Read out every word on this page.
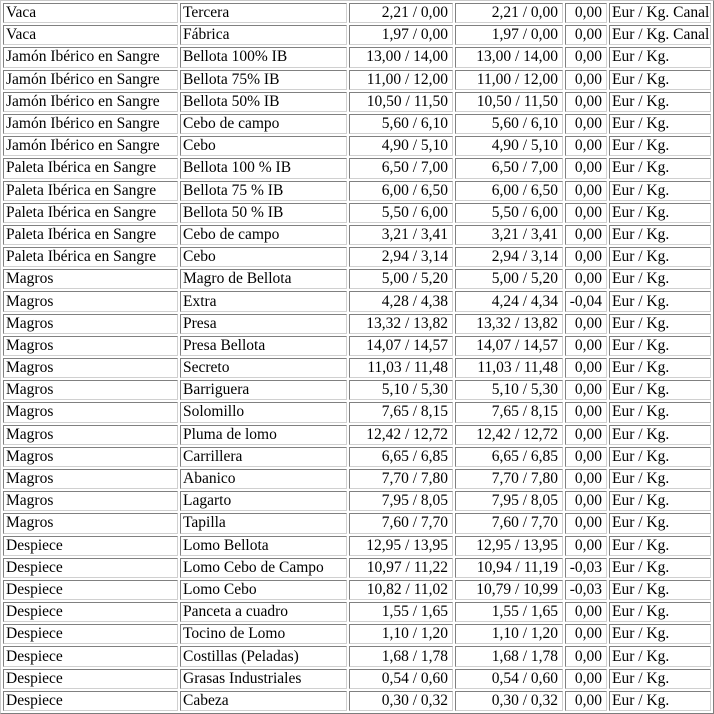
Vaca	Tercera	2,21 / 0,00	2,21 / 0,00	0,00	Eur / Kg. Canal
Vaca	Fábrica	1,97 / 0,00	1,97 / 0,00	0,00	Eur / Kg. Canal
Jamón Ibérico en Sangre	Bellota 100% IB	13,00 / 14,00	13,00 / 14,00	0,00	Eur / Kg.
Jamón Ibérico en Sangre	Bellota 75% IB	11,00 / 12,00	11,00 / 12,00	0,00	Eur / Kg.
Jamón Ibérico en Sangre	Bellota 50% IB	10,50 / 11,50	10,50 / 11,50	0,00	Eur / Kg.
Jamón Ibérico en Sangre	Cebo de campo	5,60 / 6,10	5,60 / 6,10	0,00	Eur / Kg.
Jamón Ibérico en Sangre	Cebo	4,90 / 5,10	4,90 / 5,10	0,00	Eur / Kg.
Paleta Ibérica en Sangre	Bellota 100 % IB	6,50 / 7,00	6,50 / 7,00	0,00	Eur / Kg.
Paleta Ibérica en Sangre	Bellota 75 % IB	6,00 / 6,50	6,00 / 6,50	0,00	Eur / Kg.
Paleta Ibérica en Sangre	Bellota 50 % IB	5,50 / 6,00	5,50 / 6,00	0,00	Eur / Kg.
Paleta Ibérica en Sangre	Cebo de campo	3,21 / 3,41	3,21 / 3,41	0,00	Eur / Kg.
Paleta Ibérica en Sangre	Cebo	2,94 / 3,14	2,94 / 3,14	0,00	Eur / Kg.
Magros	Magro de Bellota	5,00 / 5,20	5,00 / 5,20	0,00	Eur / Kg.
Magros	Extra	4,28 / 4,38	4,24 / 4,34	-0,04	Eur / Kg.
Magros	Presa	13,32 / 13,82	13,32 / 13,82	0,00	Eur / Kg.
Magros	Presa Bellota	14,07 / 14,57	14,07 / 14,57	0,00	Eur / Kg.
Magros	Secreto	11,03 / 11,48	11,03 / 11,48	0,00	Eur / Kg.
Magros	Barriguera	5,10 / 5,30	5,10 / 5,30	0,00	Eur / Kg.
Magros	Solomillo	7,65 / 8,15	7,65 / 8,15	0,00	Eur / Kg.
Magros	Pluma de lomo	12,42 / 12,72	12,42 / 12,72	0,00	Eur / Kg.
Magros	Carrillera	6,65 / 6,85	6,65 / 6,85	0,00	Eur / Kg.
Magros	Abanico	7,70 / 7,80	7,70 / 7,80	0,00	Eur / Kg.
Magros	Lagarto	7,95 / 8,05	7,95 / 8,05	0,00	Eur / Kg.
Magros	Tapilla	7,60 / 7,70	7,60 / 7,70	0,00	Eur / Kg.
Despiece	Lomo Bellota	12,95 / 13,95	12,95 / 13,95	0,00	Eur / Kg.
Despiece	Lomo Cebo de Campo	10,97 / 11,22	10,94 / 11,19	-0,03	Eur / Kg.
Despiece	Lomo Cebo	10,82 / 11,02	10,79 / 10,99	-0,03	Eur / Kg.
Despiece	Panceta a cuadro	1,55 / 1,65	1,55 / 1,65	0,00	Eur / Kg.
Despiece	Tocino de Lomo	1,10 / 1,20	1,10 / 1,20	0,00	Eur / Kg.
Despiece	Costillas (Peladas)	1,68 / 1,78	1,68 / 1,78	0,00	Eur / Kg.
Despiece	Grasas Industriales	0,54 / 0,60	0,54 / 0,60	0,00	Eur / Kg.
Despiece	Cabeza	0,30 / 0,32	0,30 / 0,32	0,00	Eur / Kg.
